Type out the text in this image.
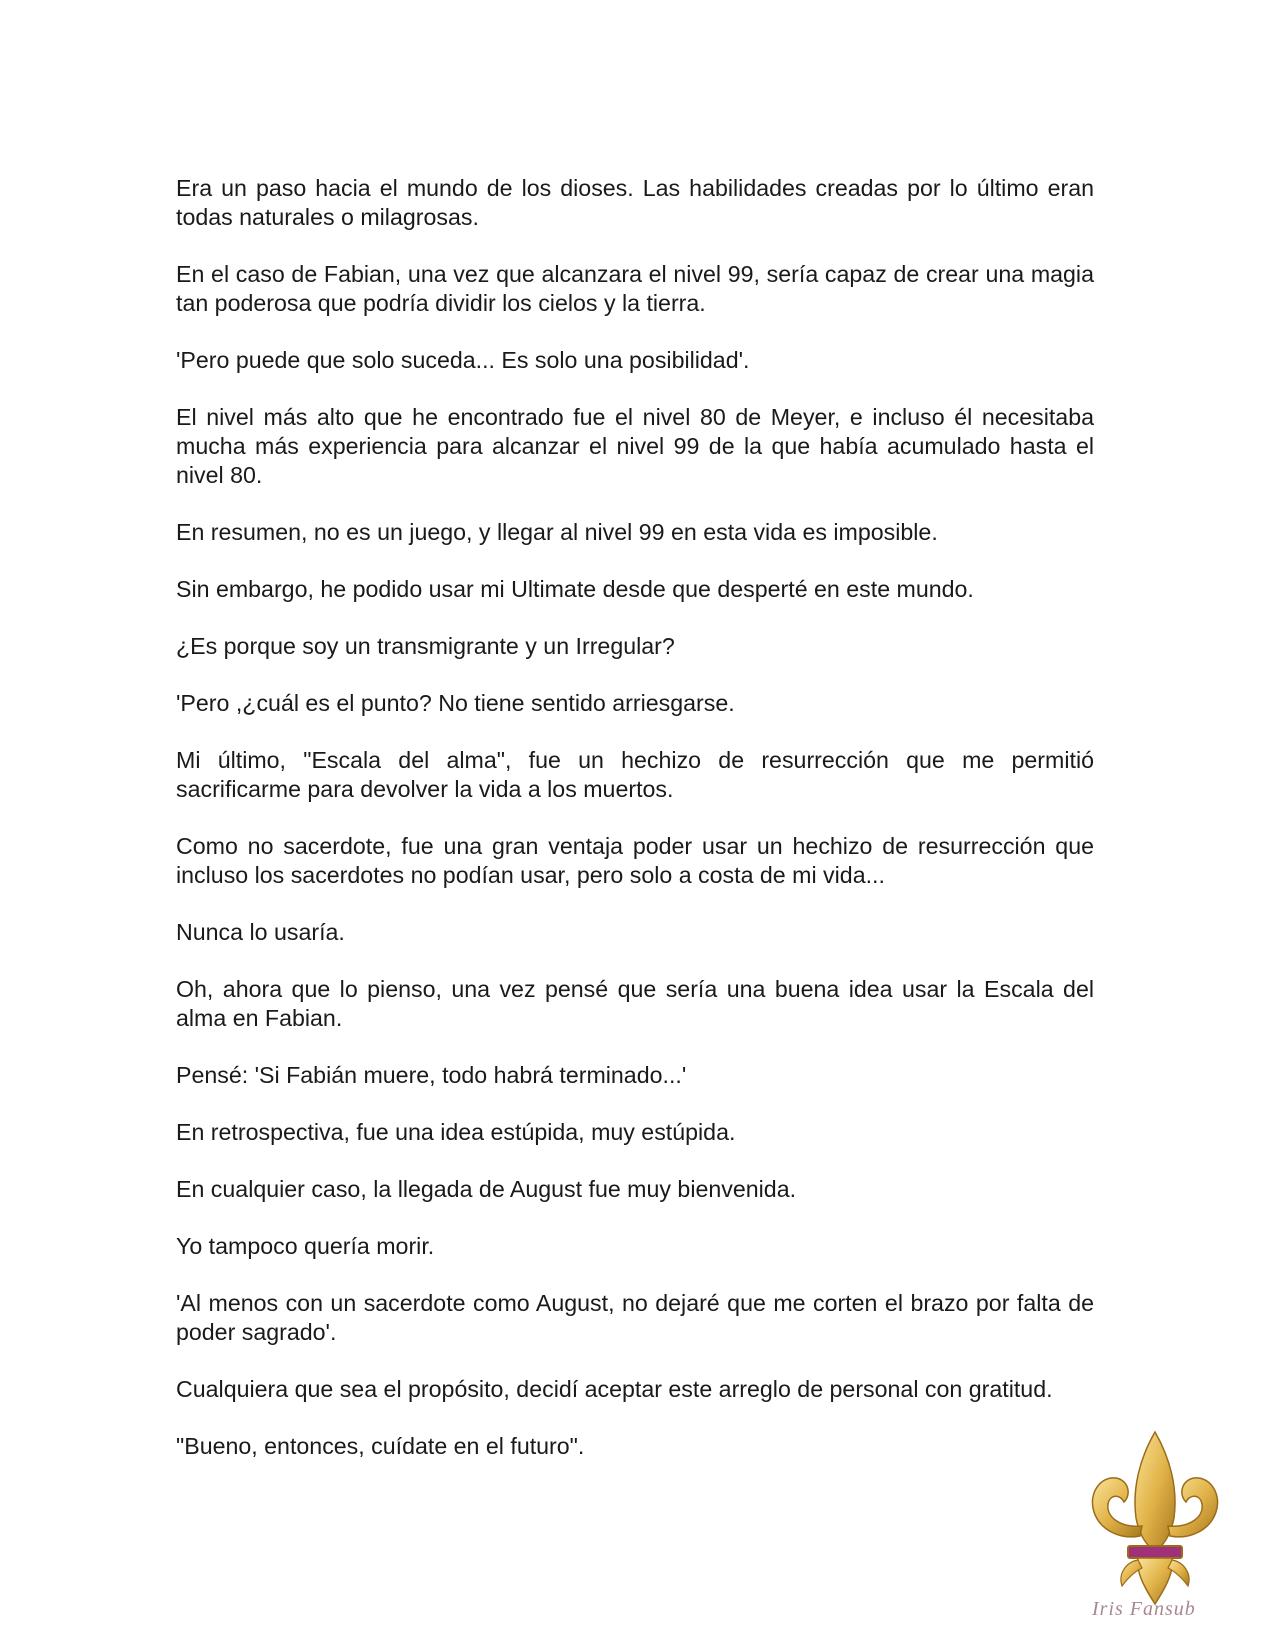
Era un paso hacia el mundo de los dioses. Las habilidades creadas por lo último eran todas naturales o milagrosas.

En el caso de Fabian, una vez que alcanzara el nivel 99, sería capaz de crear una magia tan poderosa que podría dividir los cielos y la tierra.

'Pero puede que solo suceda... Es solo una posibilidad'.

El nivel más alto que he encontrado fue el nivel 80 de Meyer, e incluso él necesitaba mucha más experiencia para alcanzar el nivel 99 de la que había acumulado hasta el nivel 80.

En resumen, no es un juego, y llegar al nivel 99 en esta vida es imposible.

Sin embargo, he podido usar mi Ultimate desde que desperté en este mundo.

¿Es porque soy un transmigrante y un Irregular?

'Pero ,¿cuál es el punto? No tiene sentido arriesgarse.

Mi último, "Escala del alma", fue un hechizo de resurrección que me permitió sacrificarme para devolver la vida a los muertos.

Como no sacerdote, fue una gran ventaja poder usar un hechizo de resurrección que incluso los sacerdotes no podían usar, pero solo a costa de mi vida...

Nunca lo usaría.

Oh, ahora que lo pienso, una vez pensé que sería una buena idea usar la Escala del alma en Fabian.

Pensé: 'Si Fabián muere, todo habrá terminado...'

En retrospectiva, fue una idea estúpida, muy estúpida.

En cualquier caso, la llegada de August fue muy bienvenida.

Yo tampoco quería morir.

'Al menos con un sacerdote como August, no dejaré que me corten el brazo por falta de poder sagrado'.

Cualquiera que sea el propósito, decidí aceptar este arreglo de personal con gratitud.

"Bueno, entonces, cuídate en el futuro".

Iris Fansub
